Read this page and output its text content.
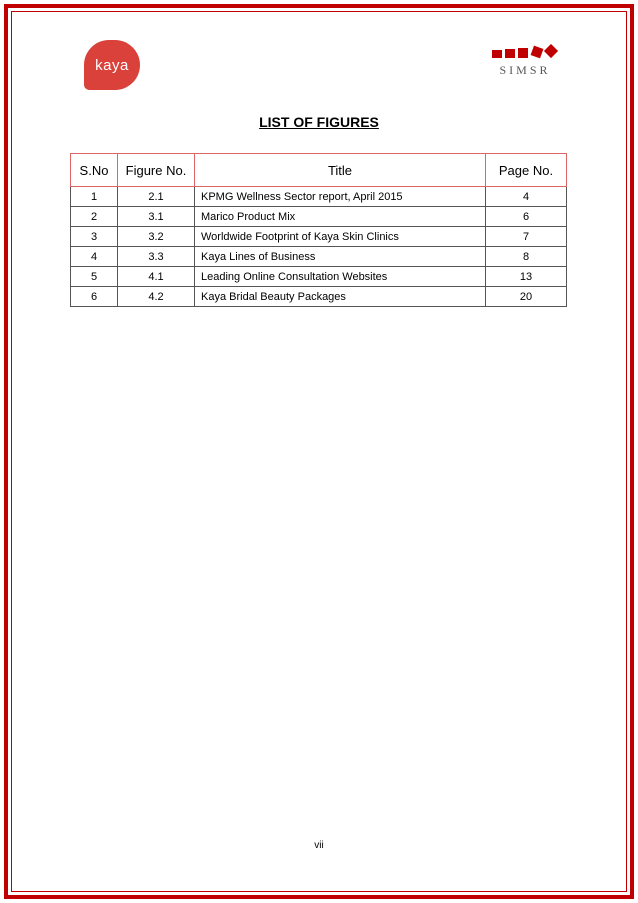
kaya	SIMSR
LIST OF FIGURES
S.No	Figure No.	Title	Page No.
1	2.1	KPMG Wellness Sector report, April 2015	4
2	3.1	Marico Product Mix	6
3	3.2	Worldwide Footprint of Kaya Skin Clinics	7
4	3.3	Kaya Lines of Business	8
5	4.1	Leading Online Consultation Websites	13
6	4.2	Kaya Bridal Beauty Packages	20
vii
